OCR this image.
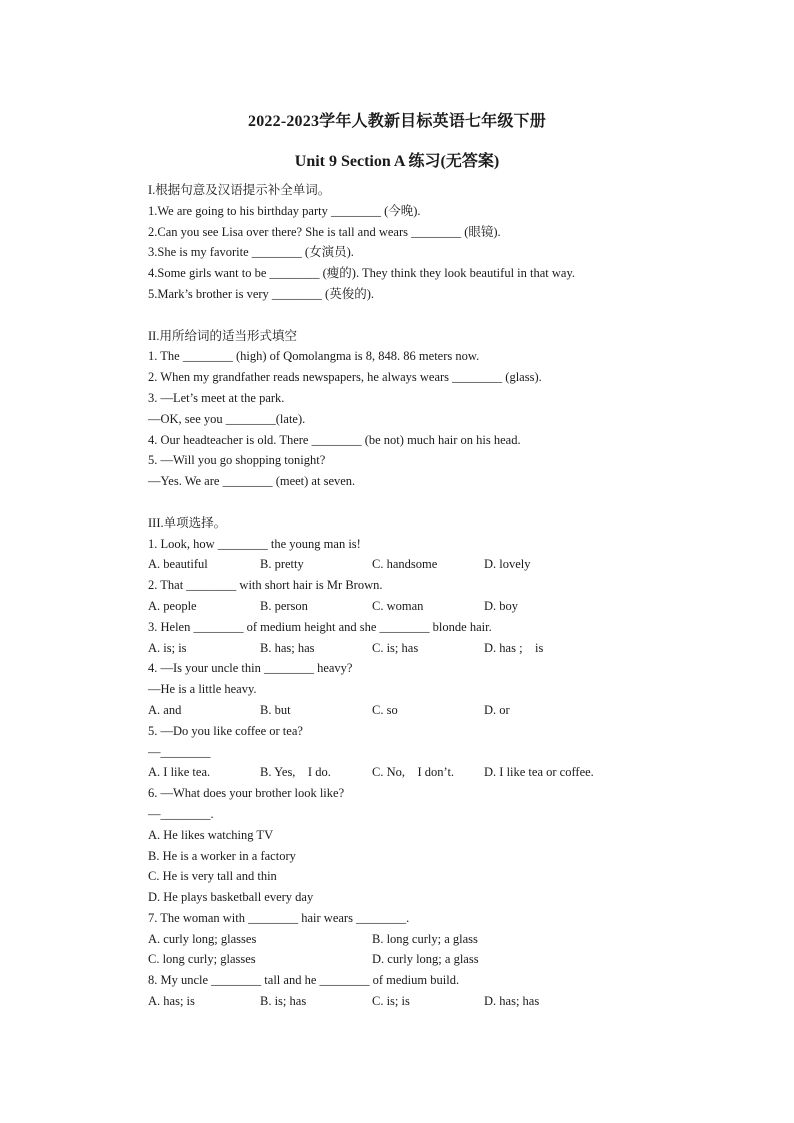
2022-2023学年人教新目标英语七年级下册
Unit 9 Section A 练习(无答案)
I.根据句意及汉语提示补全单词。
1.We are going to his birthday party ________ (今晚).
2.Can you see Lisa over there? She is tall and wears ________ (眼镜).
3.She is my favorite ________ (女演员).
4.Some girls want to be ________ (瘦的). They think they look beautiful in that way.
5.Mark’s brother is very ________ (英俊的).
II.用所给词的适当形式填空
1. The ________ (high) of Qomolangma is 8, 848. 86 meters now.
2. When my grandfather reads newspapers, he always wears ________ (glass).
3. —Let’s meet at the park.
—OK, see you ________(late).
4. Our headteacher is old. There ________ (be not) much hair on his head.
5. —Will you go shopping tonight?
—Yes. We are ________ (meet) at seven.
III.单项选择。
1. Look, how ________ the young man is!
A. beautiful	B. pretty	C. handsome	D. lovely
2. That ________ with short hair is Mr Brown.
A. people	B. person	C. woman	D. boy
3. Helen ________ of medium height and she ________ blonde hair.
A. is; is	B. has; has	C. is; has	D. has ;    is
4. —Is your uncle thin ________ heavy?
—He is a little heavy.
A. and	B. but	C. so	D. or
5. —Do you like coffee or tea?
—________
A. I like tea.	B. Yes,    I do.	C. No,    I don’t.	D. I like tea or coffee.
6. —What does your brother look like?
—________.
A. He likes watching TV
B. He is a worker in a factory
C. He is very tall and thin
D. He plays basketball every day
7. The woman with ________ hair wears ________.
A. curly long; glasses	B. long curly; a glass
C. long curly; glasses	D. curly long; a glass
8. My uncle ________ tall and he ________ of medium build.
A. has; is	B. is; has	C. is; is	D. has; has
